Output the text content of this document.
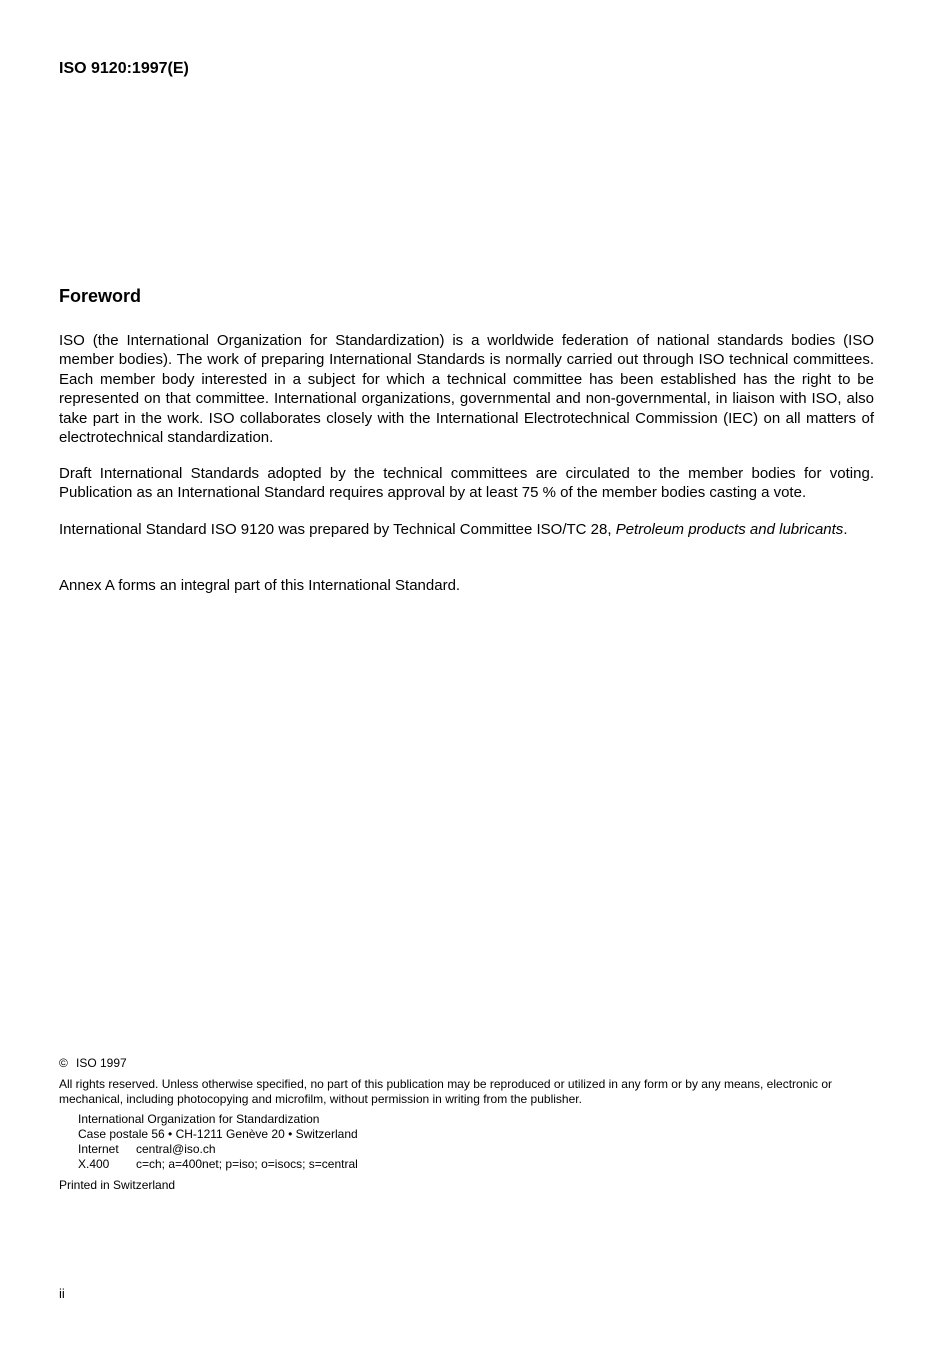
ISO 9120:1997(E)

Foreword

ISO (the International Organization for Standardization) is a worldwide federation of national standards bodies (ISO member bodies). The work of preparing International Standards is normally carried out through ISO technical committees. Each member body interested in a subject for which a technical committee has been established has the right to be represented on that committee. International organizations, governmental and non-governmental, in liaison with ISO, also take part in the work. ISO collaborates closely with the International Electrotechnical Commission (IEC) on all matters of electrotechnical standardization.

Draft International Standards adopted by the technical committees are circulated to the member bodies for voting. Publication as an International Standard requires approval by at least 75 % of the member bodies casting a vote.

International Standard ISO 9120 was prepared by Technical Committee ISO/TC 28, Petroleum products and lubricants.

Annex A forms an integral part of this International Standard.

© ISO 1997

All rights reserved. Unless otherwise specified, no part of this publication may be reproduced or utilized in any form or by any means, electronic or mechanical, including photocopying and microfilm, without permission in writing from the publisher.

International Organization for Standardization
Case postale 56 • CH-1211 Genève 20 • Switzerland
Internet central@iso.ch
X.400 c=ch; a=400net; p=iso; o=isocs; s=central

Printed in Switzerland

ii
